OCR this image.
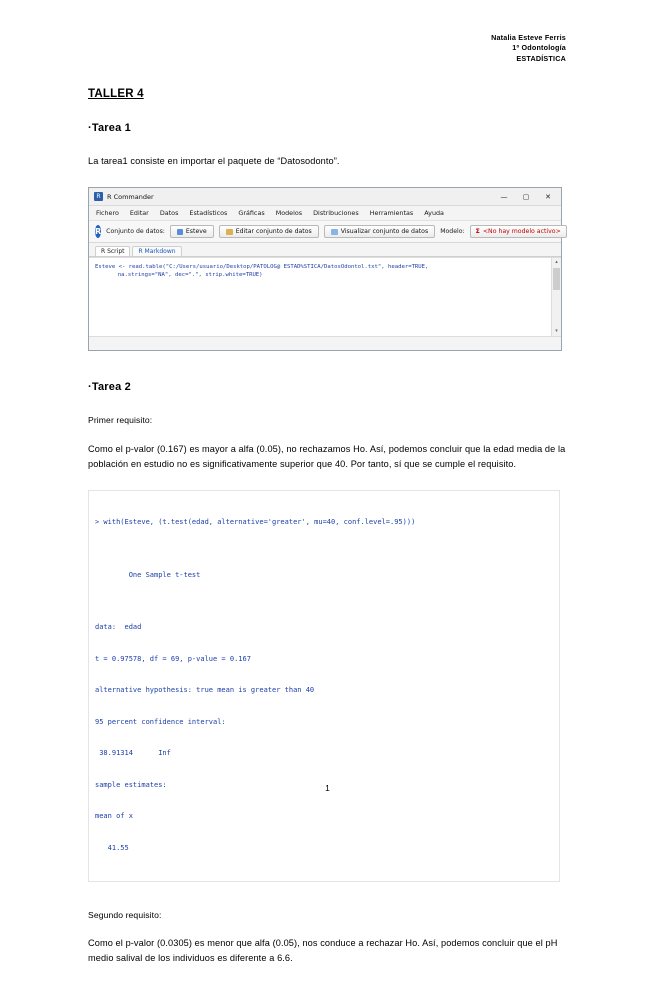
Natalia Esteve Ferris
1º Odontología
ESTADÍSTICA
TALLER 4
·Tarea 1
La tarea1 consiste en importar el paquete de “Datosodonto”.
R R Commander	—	▢	✕
Fichero Editar Datos Estadísticos Gráficas Modelos Distribuciones Herramientas Ayuda
R Conjunto de datos:	Esteve	Editar conjunto de datos	Visualizar conjunto de datos Modelo: Σ <No hay modelo activo>
R Script	R Markdown
Esteve <- read.table("C:/Users/usuario/Desktop/PATOLOG@ ESTAD%STICA/DatosOdontol.txt", header=TRUE,
na.strings="NA", dec=".", strip.white=TRUE)
▴
▾
·Tarea 2
Primer requisito:
Como el p-valor (0.167) es mayor a alfa (0.05), no rechazamos Ho. Así, podemos concluir que la edad media de la población en estudio no es significativamente superior que 40. Por tanto, sí que se cumple el requisito.

> with(Esteve, (t.test(edad, alternative='greater', mu=40, conf.level=.95)))

One Sample t-test

data:  edad

t = 0.97578, df = 69, p-value = 0.167

alternative hypothesis: true mean is greater than 40

95 percent confidence interval:

38.91314      Inf

sample estimates:

mean of x

41.55

Segundo requisito:
Como el p-valor (0.0305) es menor que alfa (0.05), nos conduce a rechazar Ho. Así, podemos concluir que el pH medio salival de los individuos es diferente a 6.6.
1
